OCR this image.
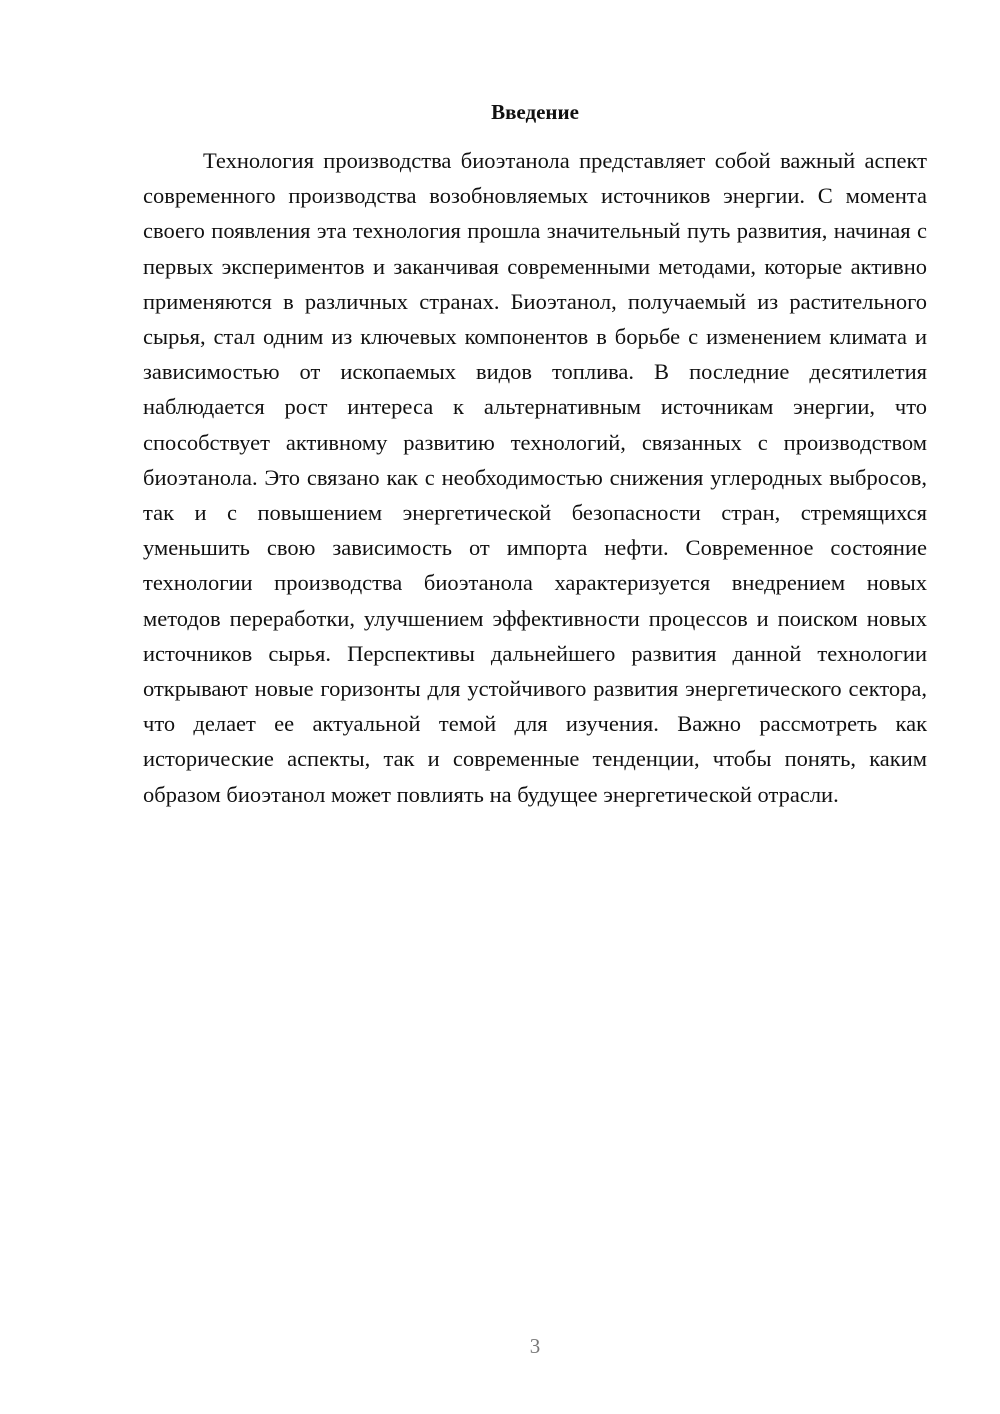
Введение

Технология производства биоэтанола представляет собой важный аспект современного производства возобновляемых источников энергии. С момента своего появления эта технология прошла значительный путь развития, начиная с первых экспериментов и заканчивая современными методами, которые активно применяются в различных странах. Биоэтанол, получаемый из растительного сырья, стал одним из ключевых компонентов в борьбе с изменением климата и зависимостью от ископаемых видов топлива. В последние десятилетия наблюдается рост интереса к альтернативным источникам энергии, что способствует активному развитию технологий, связанных с производством биоэтанола. Это связано как с необходимостью снижения углеродных выбросов, так и с повышением энергетической безопасности стран, стремящихся уменьшить свою зависимость от импорта нефти. Современное состояние технологии производства биоэтанола характеризуется внедрением новых методов переработки, улучшением эффективности процессов и поиском новых источников сырья. Перспективы дальнейшего развития данной технологии открывают новые горизонты для устойчивого развития энергетического сектора, что делает ее актуальной темой для изучения. Важно рассмотреть как исторические аспекты, так и современные тенденции, чтобы понять, каким образом биоэтанол может повлиять на будущее энергетической отрасли.

3
